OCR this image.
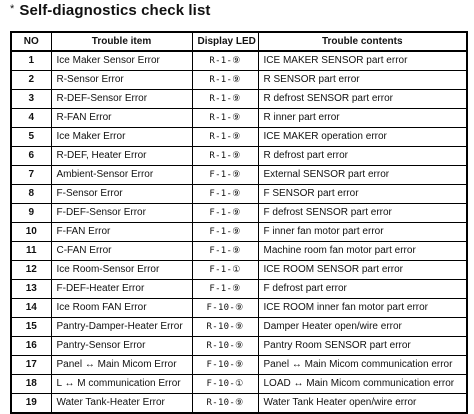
* Self-diagnostics check list
NO	Trouble item	Display LED	Trouble contents
1	Ice Maker Sensor Error	R-1-⑨	ICE MAKER SENSOR part error
2	R-Sensor Error	R-1-⑨	R SENSOR part error
3	R-DEF-Sensor Error	R-1-⑨	R defrost SENSOR part error
4	R-FAN Error	R-1-⑨	R inner part error
5	Ice Maker Error	R-1-⑨	ICE MAKER operation error
6	R-DEF, Heater Error	R-1-⑨	R defrost part error
7	Ambient-Sensor Error	F-1-⑨	External SENSOR part error
8	F-Sensor Error	F-1-⑨	F SENSOR part error
9	F-DEF-Sensor Error	F-1-⑨	F defrost SENSOR part error
10	F-FAN Error	F-1-⑨	F inner fan motor part error
11	C-FAN Error	F-1-⑨	Machine room fan motor part error
12	Ice Room-Sensor Error	F-1-①	ICE ROOM SENSOR part error
13	F-DEF-Heater Error	F-1-⑨	F defrost part error
14	Ice Room FAN Error	F-10-⑨	ICE ROOM inner fan motor part error
15	Pantry-Damper-Heater Error	R-10-⑨	Damper Heater open/wire error
16	Pantry-Sensor Error	R-10-⑨	Pantry Room SENSOR part error
17	Panel ↔ Main Micom Error	F-10-⑨	Panel ↔ Main Micom communication error
18	L ↔ M communication Error	F-10-①	LOAD ↔ Main Micom communication error
19	Water Tank-Heater Error	R-10-⑨	Water Tank Heater open/wire error
